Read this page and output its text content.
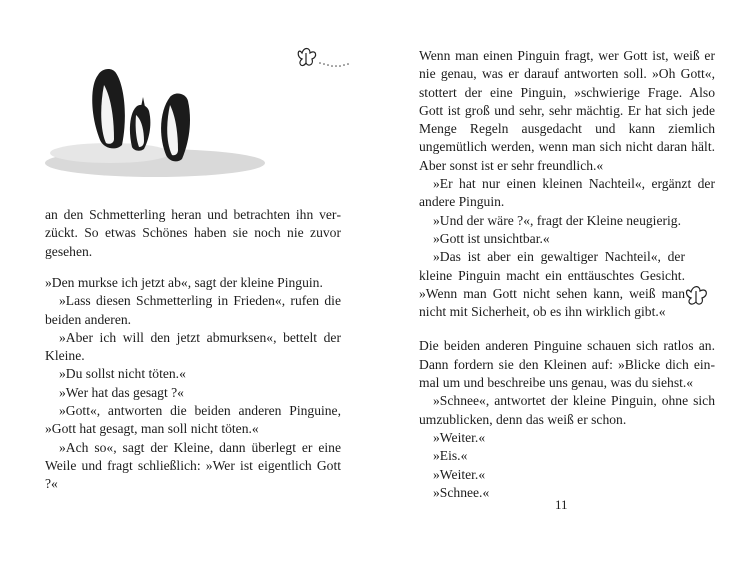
an den Schmetterling heran und betrachten ihn verzückt. So etwas Schönes haben sie noch nie zuvor gesehen.

»Den murkse ich jetzt ab«, sagt der kleine Pinguin.

»Lass diesen Schmetterling in Frieden«, rufen die beiden anderen.

»Aber ich will den jetzt abmurksen«, bettelt der Kleine.

»Du sollst nicht töten.«

»Wer hat das gesagt ?«

»Gott«, antworten die beiden anderen Pinguine, »Gott hat gesagt, man soll nicht töten.«

»Ach so«, sagt der Kleine, dann überlegt er eine Weile und fragt schließlich: »Wer ist eigentlich Gott ?«

Wenn man einen Pinguin fragt, wer Gott ist, weiß er nie genau, was er darauf antworten soll. »Oh Gott«, stottert der eine Pinguin, »schwierige Frage. Also Gott ist groß und sehr, sehr mächtig. Er hat sich jede Menge Regeln ausgedacht und kann ziemlich ungemütlich werden, wenn man sich nicht daran hält. Aber sonst ist er sehr freundlich.«

»Er hat nur einen kleinen Nachteil«, ergänzt der andere Pinguin.

»Und der wäre ?«, fragt der Kleine neugierig.

»Gott ist unsichtbar.«

»Das ist aber ein gewaltiger Nachteil«, der kleine Pinguin macht ein enttäuschtes Gesicht. »Wenn man Gott nicht sehen kann, weiß man nicht mit Sicherheit, ob es ihn wirklich gibt.«

Die beiden anderen Pinguine schauen sich ratlos an. Dann fordern sie den Kleinen auf: »Blicke dich einmal um und beschreibe uns genau, was du siehst.«

»Schnee«, antwortet der kleine Pinguin, ohne sich umzublicken, denn das weiß er schon.

»Weiter.«

»Eis.«

»Weiter.«

»Schnee.«

11
